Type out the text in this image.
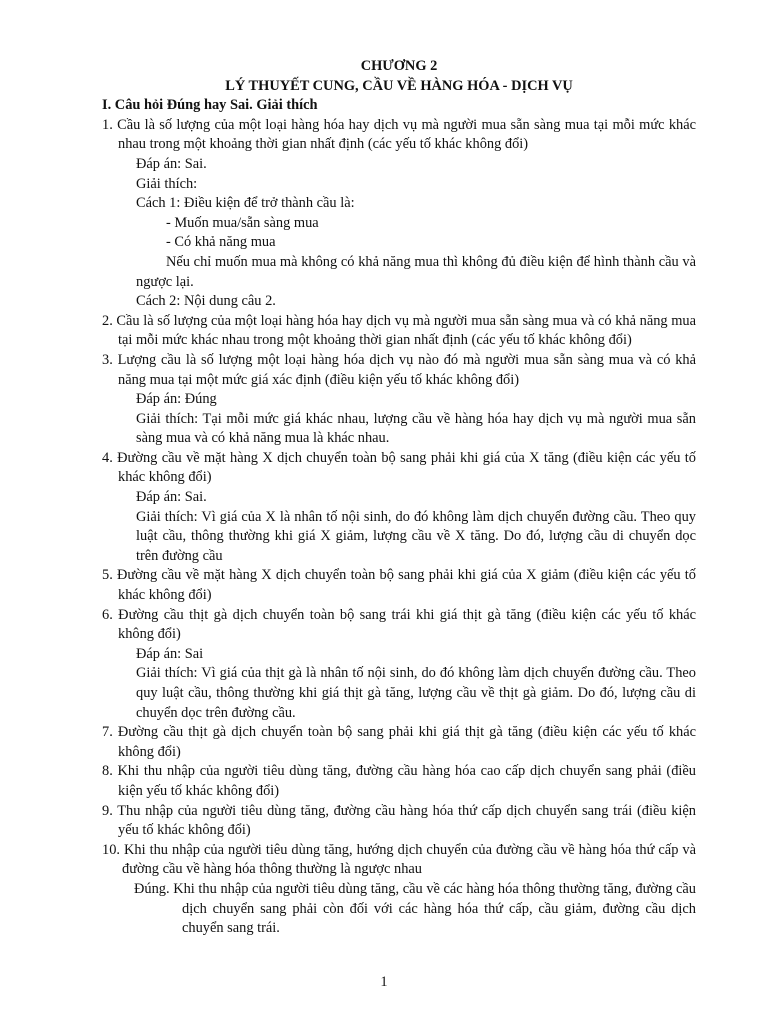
CHƯƠNG 2
LÝ THUYẾT CUNG, CẦU VỀ HÀNG HÓA - DỊCH VỤ
I. Câu hỏi Đúng hay Sai. Giải thích
1. Cầu là số lượng của một loại hàng hóa hay dịch vụ mà người mua sẵn sàng mua tại mỗi mức khác nhau trong một khoảng thời gian nhất định (các yếu tố khác không đổi)
Đáp án: Sai.
Giải thích:
Cách 1: Điều kiện để trở thành cầu là:
- Muốn mua/sẵn sàng mua
- Có khả năng mua
Nếu chỉ muốn mua mà không có khả năng mua thì không đủ điều kiện để hình thành cầu và ngược lại.
Cách 2: Nội dung câu 2.
2. Cầu là số lượng của một loại hàng hóa hay dịch vụ mà người mua sẵn sàng mua và có khả năng mua tại mỗi mức khác nhau trong một khoảng thời gian nhất định (các yếu tố khác không đổi)
3. Lượng cầu là số lượng một loại hàng hóa dịch vụ nào đó mà người mua sẵn sàng mua và có khả năng mua tại một mức giá xác định (điều kiện yếu tố khác không đổi)
Đáp án: Đúng
Giải thích: Tại mỗi mức giá khác nhau, lượng cầu về hàng hóa hay dịch vụ mà người mua sẵn sàng mua và có khả năng mua là khác nhau.
4. Đường cầu về mặt hàng X dịch chuyển toàn bộ sang phải khi giá của X tăng (điều kiện các yếu tố khác không đổi)
Đáp án: Sai.
Giải thích: Vì giá của X là nhân tố nội sinh, do đó không làm dịch chuyển đường cầu. Theo quy luật cầu, thông thường khi giá X giảm, lượng cầu về X tăng. Do đó, lượng cầu di chuyển dọc trên đường cầu
5. Đường cầu về mặt hàng X dịch chuyển toàn bộ sang phải khi giá của X giảm (điều kiện các yếu tố khác không đổi)
6. Đường cầu thịt gà dịch chuyển toàn bộ sang trái khi giá thịt gà tăng (điều kiện các yếu tố khác không đổi)
Đáp án: Sai
Giải thích: Vì giá của thịt gà là nhân tố nội sinh, do đó không làm dịch chuyển đường cầu. Theo quy luật cầu, thông thường khi giá thịt gà tăng, lượng cầu về thịt gà giảm. Do đó, lượng cầu di chuyển dọc trên đường cầu.
7. Đường cầu thịt gà dịch chuyển toàn bộ sang phải khi giá thịt gà tăng (điều kiện các yếu tố khác không đổi)
8. Khi thu nhập của người tiêu dùng tăng, đường cầu hàng hóa cao cấp dịch chuyển sang phải (điều kiện yếu tố khác không đổi)
9. Thu nhập của người tiêu dùng tăng, đường cầu hàng hóa thứ cấp dịch chuyển sang trái (điều kiện yếu tố khác không đổi)
10. Khi thu nhập của người tiêu dùng tăng, hướng dịch chuyển của đường cầu về hàng hóa thứ cấp và đường cầu về hàng hóa thông thường là ngược nhau
Đúng. Khi thu nhập của người tiêu dùng tăng, cầu về các hàng hóa thông thường tăng, đường cầu dịch chuyển sang phải còn đối với các hàng hóa thứ cấp, cầu giảm, đường cầu dịch chuyển sang trái.
1
